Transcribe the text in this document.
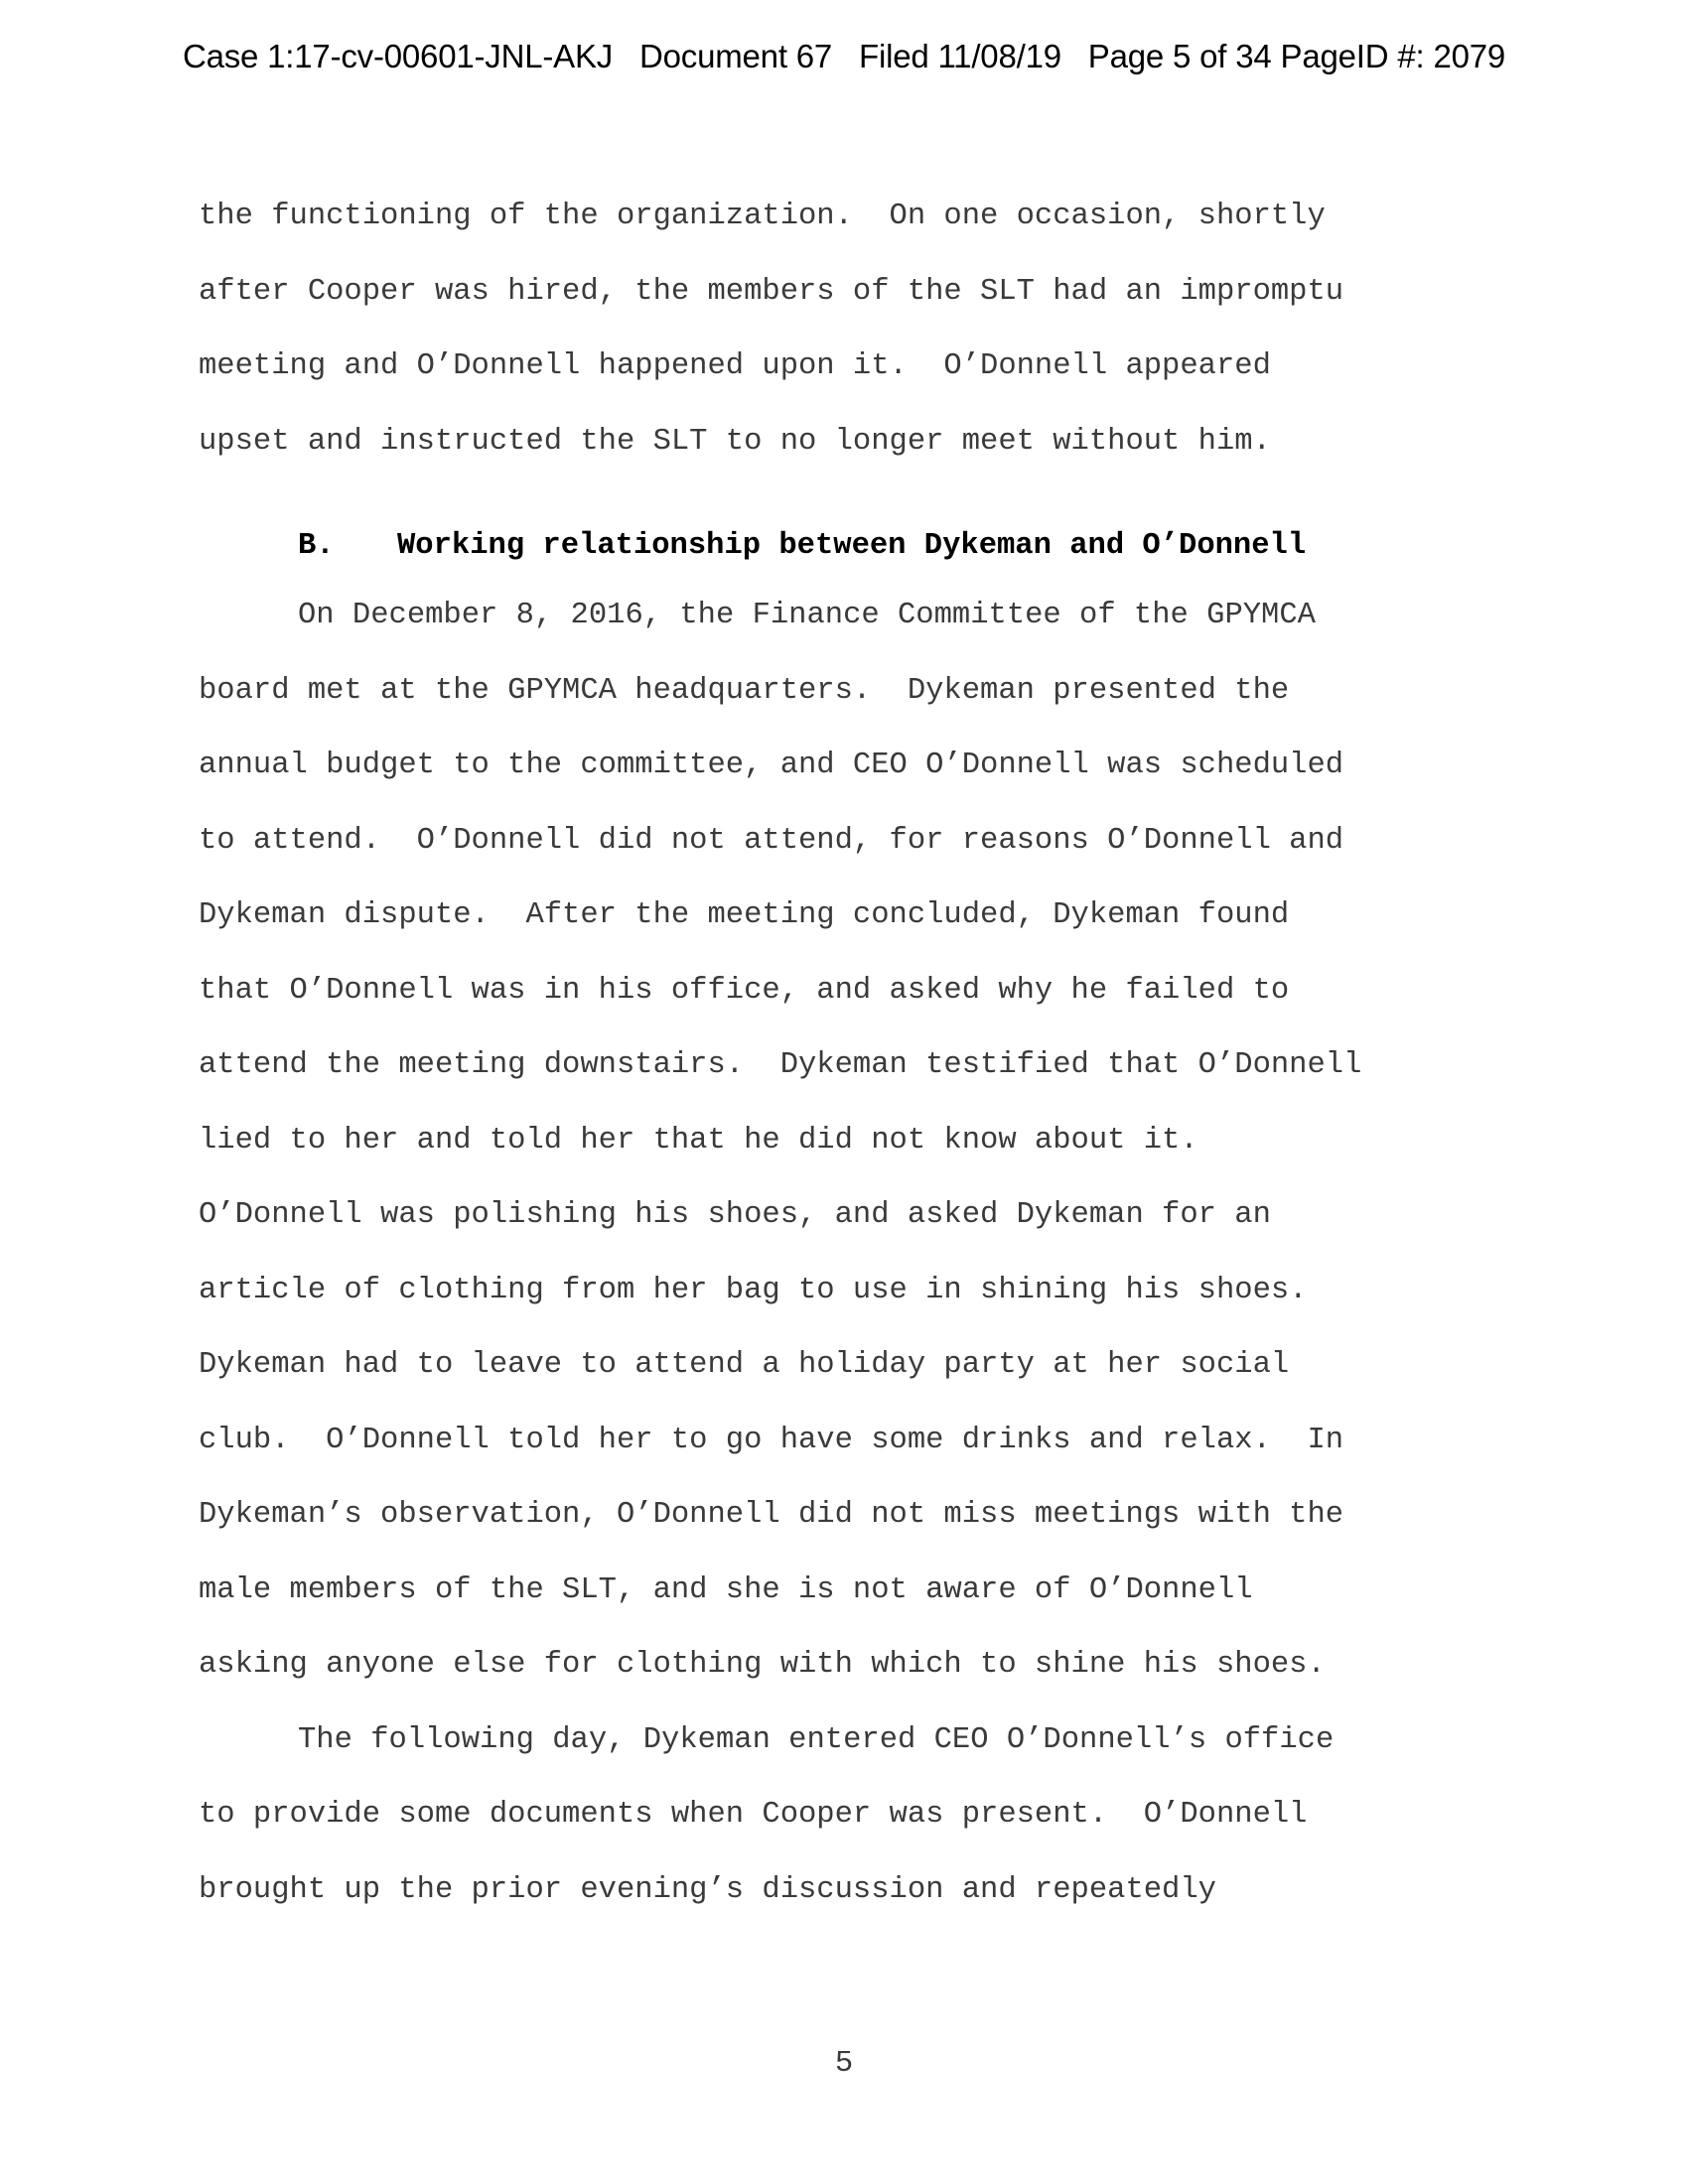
Case 1:17-cv-00601-JNL-AKJ   Document 67   Filed 11/08/19   Page 5 of 34 PageID #: 2079
the functioning of the organization.  On one occasion, shortly
after Cooper was hired, the members of the SLT had an impromptu
meeting and O’Donnell happened upon it.  O’Donnell appeared
upset and instructed the SLT to no longer meet without him.
B. Working relationship between Dykeman and O’Donnell
On December 8, 2016, the Finance Committee of the GPYMCA
board met at the GPYMCA headquarters.  Dykeman presented the
annual budget to the committee, and CEO O’Donnell was scheduled
to attend.  O’Donnell did not attend, for reasons O’Donnell and
Dykeman dispute.  After the meeting concluded, Dykeman found
that O’Donnell was in his office, and asked why he failed to
attend the meeting downstairs.  Dykeman testified that O’Donnell
lied to her and told her that he did not know about it.
O’Donnell was polishing his shoes, and asked Dykeman for an
article of clothing from her bag to use in shining his shoes.
Dykeman had to leave to attend a holiday party at her social
club.  O’Donnell told her to go have some drinks and relax.  In
Dykeman’s observation, O’Donnell did not miss meetings with the
male members of the SLT, and she is not aware of O’Donnell
asking anyone else for clothing with which to shine his shoes.
The following day, Dykeman entered CEO O’Donnell’s office
to provide some documents when Cooper was present.  O’Donnell
brought up the prior evening’s discussion and repeatedly
5
